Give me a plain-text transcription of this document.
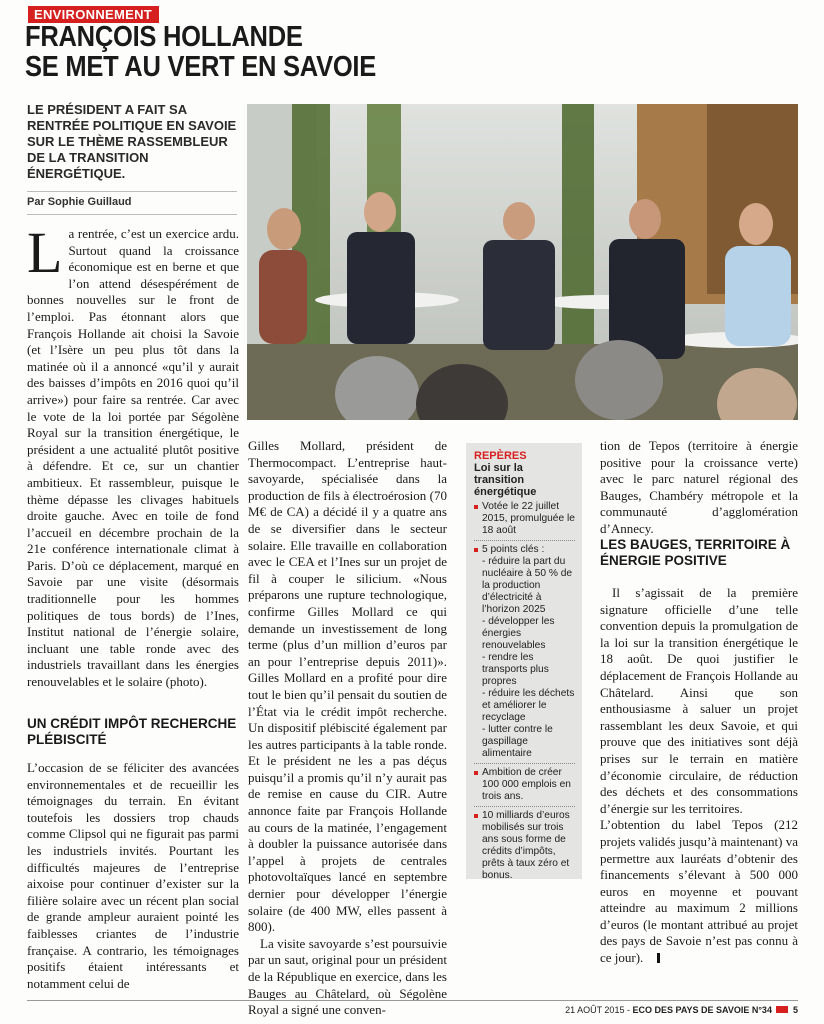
ENVIRONNEMENT
FRANÇOIS HOLLANDE
SE MET AU VERT EN SAVOIE
LE PRÉSIDENT A FAIT SA RENTRÉE POLITIQUE EN SAVOIE SUR LE THÈME RASSEMBLEUR DE LA TRANSITION ÉNERGÉTIQUE.
Par Sophie Guillaud
L a rentrée, c’est un exercice ardu. Surtout quand la croissance économique est en berne et que l’on attend désespérément de bonnes nouvelles sur le front de l’emploi. Pas étonnant alors que François Hollande ait choisi la Savoie (et l’Isère un peu plus tôt dans la matinée où il a annoncé «qu’il y aurait des baisses d’impôts en 2016 quoi qu’il arrive») pour faire sa rentrée. Car avec le vote de la loi portée par Ségolène Royal sur la transition énergétique, le président a une actualité plutôt positive à défendre. Et ce, sur un chantier ambitieux. Et rassembleur, puisque le thème dépasse les clivages habituels droite gauche. Avec en toile de fond l’accueil en décembre prochain de la 21e conférence internationale climat à Paris. D’où ce déplacement, marqué en Savoie par une visite (désormais traditionnelle pour les hommes politiques de tous bords) de l’Ines, Institut national de l’énergie solaire, incluant une table ronde avec des industriels travaillant dans les énergies renouvelables et le solaire (photo).

UN CRÉDIT IMPÔT RECHERCHE PLÉBISCITÉ

L’occasion de se féliciter des avancées environnementales et de recueillir les témoignages du terrain. En évitant toutefois les dossiers trop chauds comme Clipsol qui ne figurait pas parmi les industriels invités. Pourtant les difficultés majeures de l’entreprise aixoise pour continuer d’exister sur la filière solaire avec un récent plan social de grande ampleur auraient pointé les faiblesses criantes de l’industrie française. A contrario, les témoignages positifs étaient intéressants et notamment celui de

Gilles Mollard, président de Thermocompact. L’entreprise haut-savoyarde, spécialisée dans la production de fils à électroérosion (70 M€ de CA) a décidé il y a quatre ans de se diversifier dans le secteur solaire. Elle travaille en collaboration avec le CEA et l’Ines sur un projet de fil à couper le silicium. «Nous préparons une rupture technologique, confirme Gilles Mollard ce qui demande un investissement de long terme (plus d’un million d’euros par an pour l’entreprise depuis 2011)». Gilles Mollard en a profité pour dire tout le bien qu’il pensait du soutien de l’État via le crédit impôt recherche. Un dispositif plébiscité également par les autres participants à la table ronde. Et le président ne les a pas déçus puisqu’il a promis qu’il n’y aurait pas de remise en cause du CIR. Autre annonce faite par François Hollande au cours de la matinée, l’engagement à doubler la puissance autorisée dans l’appel à projets de centrales photovoltaïques lancé en septembre dernier pour développer l’énergie solaire (de 400 MW, elles passent à 800).

La visite savoyarde s’est poursuivie par un saut, original pour un président de la République en exercice, dans les Bauges au Châtelard, où Ségolène Royal a signé une conven-

REPÈRES
Loi sur la transition énergétique
Votée le 22 juillet 2015, promulguée le 18 août
5 points clés :
- réduire la part du nucléaire à 50 % de la production d’électricité à l’horizon 2025
- développer les énergies renouvelables
- rendre les transports plus propres
- réduire les déchets et améliorer le recyclage
- lutter contre le gaspillage alimentaire
Ambition de créer 100 000 emplois en trois ans.
10 milliards d’euros mobilisés sur trois ans sous forme de crédits d’impôts, prêts à taux zéro et bonus.

tion de Tepos (territoire à énergie positive pour la croissance verte) avec le parc naturel régional des Bauges, Chambéry métropole et la communauté d’agglomération d’Annecy.

LES BAUGES, TERRITOIRE À ÉNERGIE POSITIVE

Il s’agissait de la première signature officielle d’une telle convention depuis la promulgation de la loi sur la transition énergétique le 18 août. De quoi justifier le déplacement de François Hollande au Châtelard. Ainsi que son enthousiasme à saluer un projet rassemblant les deux Savoie, et qui prouve que des initiatives sont déjà prises sur le terrain en matière d’économie circulaire, de réduction des déchets et des consommations d’énergie sur les territoires.

L’obtention du label Tepos (212 projets validés jusqu’à maintenant) va permettre aux lauréats d’obtenir des financements s’élevant à 500 000 euros en moyenne et pouvant atteindre au maximum 2 millions d’euros (le montant attribué au projet des pays de Savoie n’est pas connu à ce jour).

21 AOÛT 2015 - ECO DES PAYS DE SAVOIE N°34 5
